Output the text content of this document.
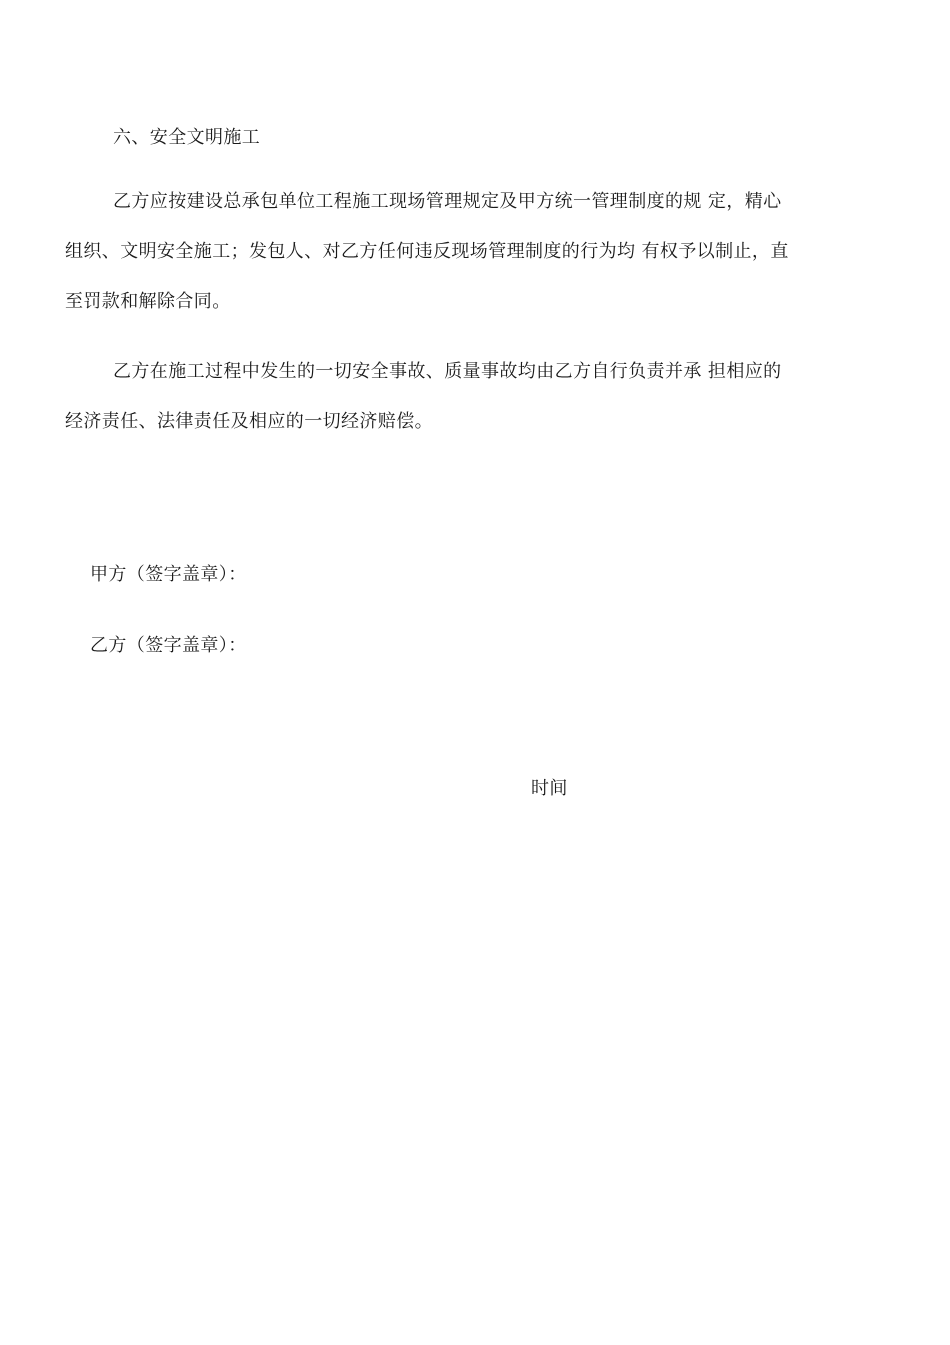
六、安全文明施工
乙方应按建设总承包单位工程施工现场管理规定及甲方统一管理制度的规 定，精心
组织、文明安全施工；发包人、对乙方任何违反现场管理制度的行为均 有权予以制止，直
至罚款和解除合同。
乙方在施工过程中发生的一切安全事故、质量事故均由乙方自行负责并承 担相应的
经济责任、法律责任及相应的一切经济赔偿。
甲方（签字盖章）：
乙方（签字盖章）：
时间
